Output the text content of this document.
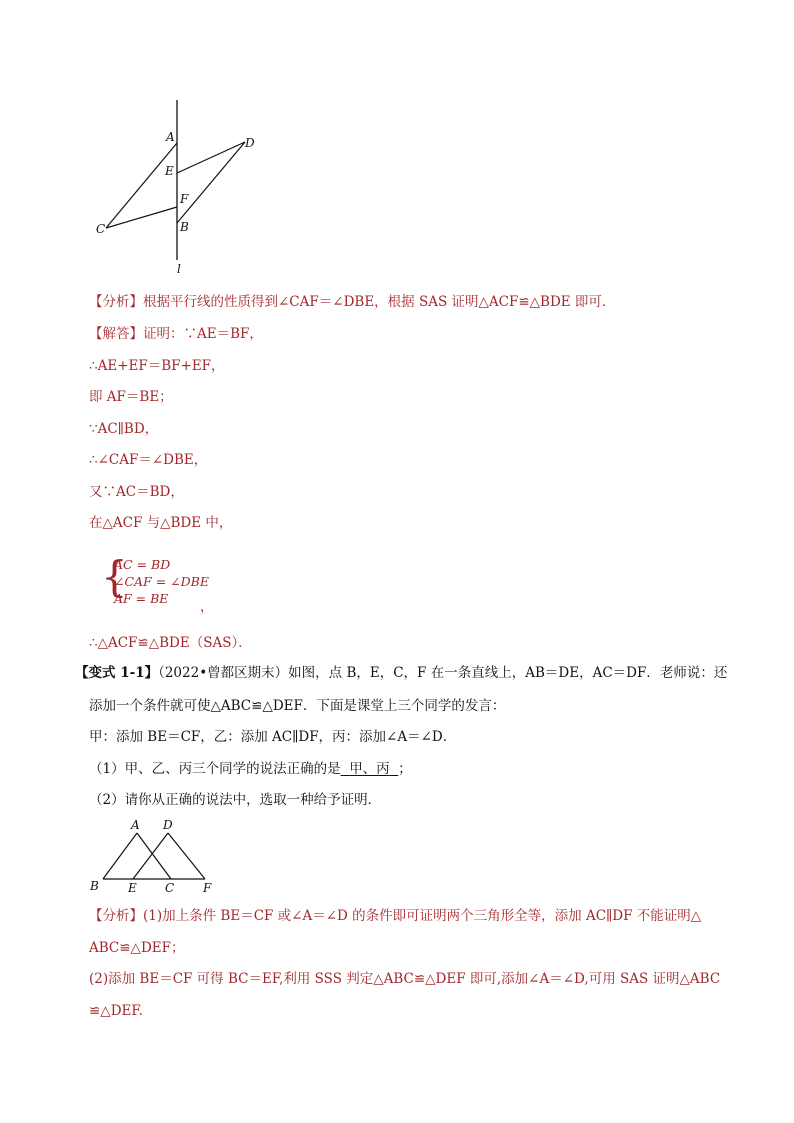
A	D
E
F
C	B
l
【分析】根据平行线的性质得到∠CAF＝∠DBE，根据 SAS 证明△ACF≌△BDE 即可．
【解答】证明：∵AE＝BF，
∴AE+EF＝BF+EF，
即 AF＝BE；
∵AC∥BD，
∴∠CAF＝∠DBE，
又∵AC＝BD，
在△ACF 与△BDE 中，
{
AC = BD
∠CAF = ∠DBE
AF = BE
，
∴△ACF≌△BDE（SAS）．
【变式 1-1】（2022•曾都区期末）如图，点 B，E，C，F 在一条直线上，AB＝DE，AC＝DF．老师说：还
添加一个条件就可使△ABC≌△DEF．下面是课堂上三个同学的发言：
甲：添加 BE＝CF，乙：添加 AC∥DF，丙：添加∠A＝∠D．
（1）甲、乙、丙三个同学的说法正确的是 甲、丙 ；
（2）请你从正确的说法中，选取一种给予证明．
A D
B E C F
【分析】(1)加上条件 BE＝CF 或∠A＝∠D 的条件即可证明两个三角形全等，添加 AC∥DF 不能证明△
ABC≌△DEF；
(2)添加 BE＝CF 可得 BC＝EF,利用 SSS 判定△ABC≌△DEF 即可,添加∠A＝∠D,可用 SAS 证明△ABC
≌△DEF.
